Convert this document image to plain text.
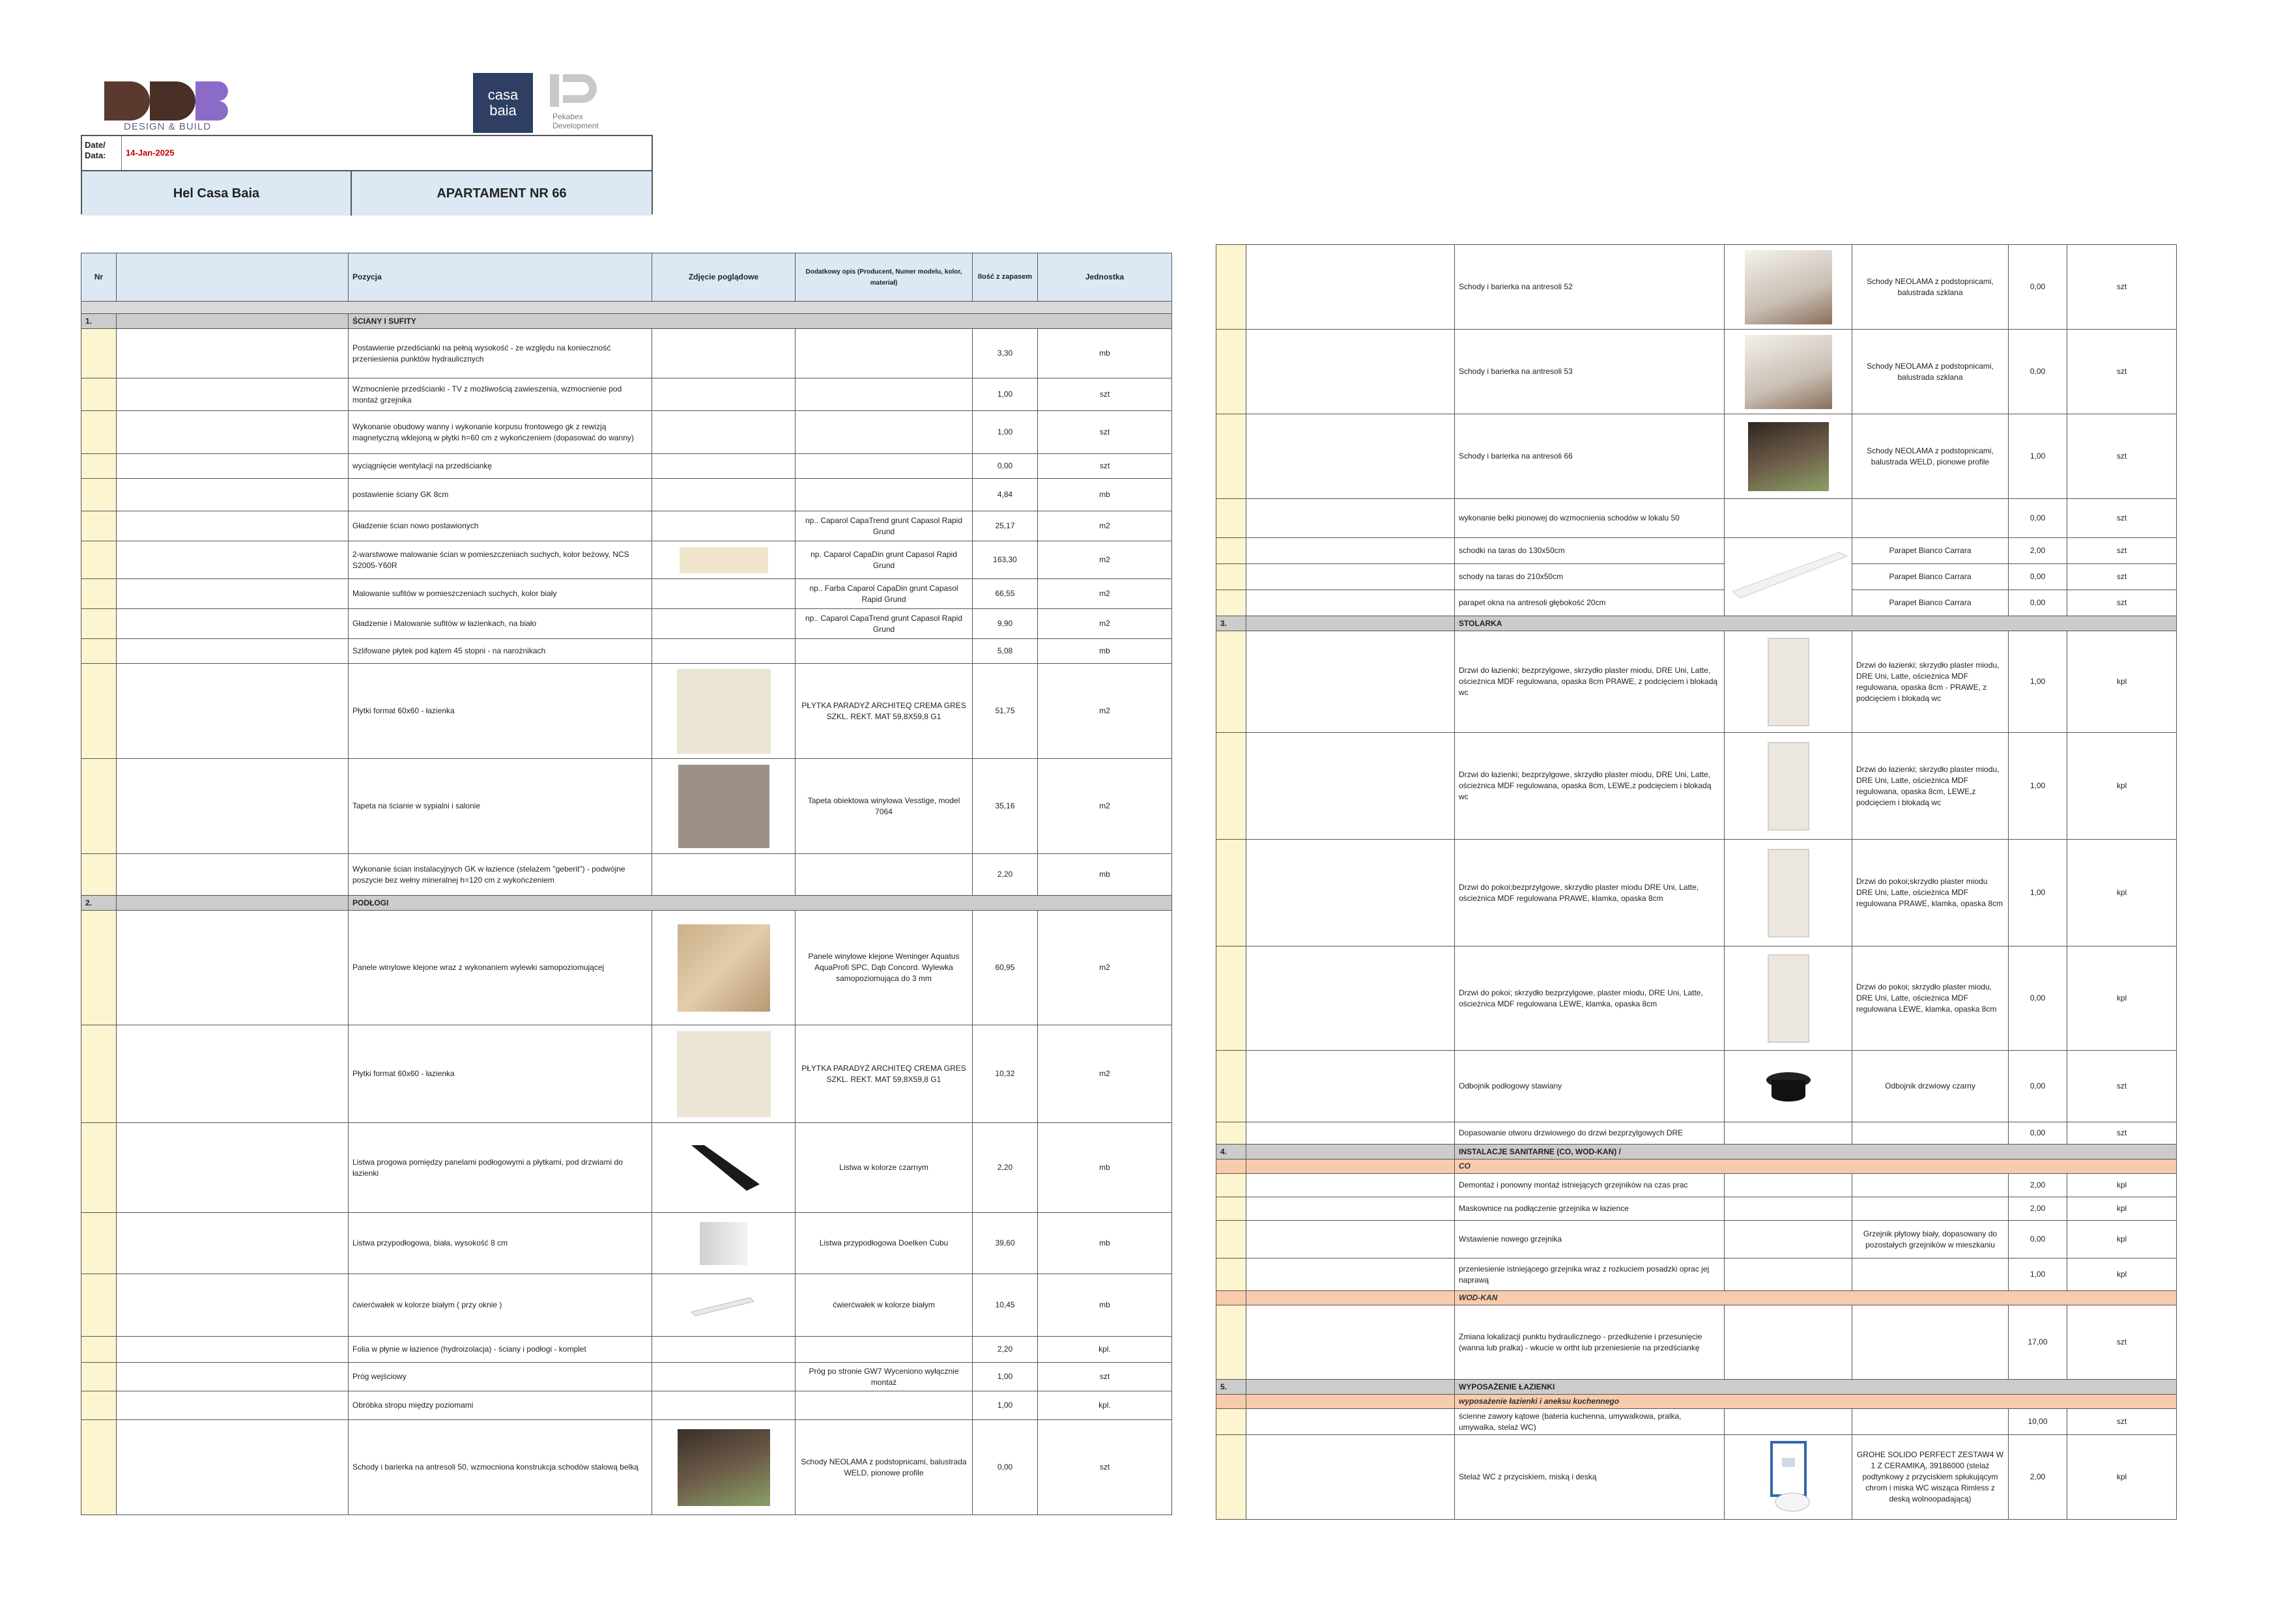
DESIGN & BUILD
casa baia	Pekabex
Development
Date/ Data:	14-Jan-2025
Hel Casa Baia	APARTAMENT NR 66
Nr		Pozycja	Zdjęcie poglądowe	Dodatkowy opis (Producent, Numer modelu, kolor, materiał)	Ilość z zapasem	Jednostka

1.		ŚCIANY I SUFITY				
		Postawienie przedścianki na pełną wysokość - ze względu na konieczność przeniesienia punktów hydraulicznych			3,30	mb
		Wzmocnienie przedścianki - TV z możliwością zawieszenia, wzmocnienie pod montaż grzejnika			1,00	szt
		Wykonanie obudowy wanny i wykonanie korpusu frontowego gk z rewizją magnetyczną wklejoną w płytki h=60 cm z wykończeniem (dopasować do wanny)			1,00	szt
		wyciągnięcie wentylacji na przedściankę			0,00	szt
		postawienie ściany GK 8cm			4,84	mb
		Gładzenie ścian nowo postawionych		np.. Caparol CapaTrend grunt Capasol Rapid Grund	25,17	m2
		2-warstwowe malowanie ścian w pomieszczeniach suchych, kolor beżowy, NCS S2005-Y60R		np. Caparol CapaDin grunt Capasol Rapid Grund	163,30	m2
		Malowanie sufitów w pomieszczeniach suchych, kolor biały		np.. Farba Caparol CapaDin grunt Capasol Rapid Grund	66,55	m2
		Gładzenie i Malowanie sufitów w łazienkach, na biało		np.. Caparol CapaTrend grunt Capasol Rapid Grund	9,90	m2
		Szlifowane płytek pod kątem 45 stopni - na narożnikach			5,08	mb
		Płytki format 60x60 - łazienka		PŁYTKA PARADYŻ ARCHITEQ CREMA GRES SZKL. REKT. MAT 59,8X59,8 G1	51,75	m2
		Tapeta na ścianie w sypialni i salonie		Tapeta obiektowa winylowa Vesstige, model 7064	35,16	m2
		Wykonanie ścian instalacyjnych GK w łazience (stelażem "geberit") - podwójne poszycie bez wełny mineralnej h=120 cm z wykończeniem			2,20	mb
2.		PODŁOGI				
		Panele winylowe klejone wraz z wykonaniem wylewki samopoziomującej		Panele winylowe klejone Weninger Aquatus AquaProfi SPC, Dąb Concord. Wylewka samopoziomująca do 3 mm	60,95	m2
		Płytki format 60x60 - łazienka		PŁYTKA PARADYŻ ARCHITEQ CREMA GRES SZKL. REKT. MAT 59,8X59,8 G1	10,32	m2
		Listwa progowa pomiędzy panelami podłogowymi a płytkami, pod drzwiami do łazienki		Listwa w kolorze czarnym	2,20	mb
		Listwa przypodłogowa, biała, wysokość 8 cm		Listwa przypodłogowa Doelken Cubu	39,60	mb
		ćwierćwałek w kolorze białym ( przy oknie )		ćwierćwałek w kolorze białym	10,45	mb
		Folia w płynie w łazience (hydroizolacja) - ściany i podłogi - komplet			2,20	kpl.
		Próg wejściowy		Próg po stronie GW7 Wyceniono wyłącznie montaż	1,00	szt
		Obróbka stropu między poziomami			1,00	kpl.
		Schody i barierka na antresoli 50, wzmocniona konstrukcja schodów stalową belką		Schody NEOLAMA z podstopnicami, balustrada WELD, pionowe profile	0,00	szt
		Schody i barierka na antresoli 52		Schody NEOLAMA z podstopnicami, balustrada szklana	0,00	szt
		Schody i barierka na antresoli 53		Schody NEOLAMA z podstopnicami, balustrada szklana	0,00	szt
		Schody i barierka na antresoli 66		Schody NEOLAMA z podstopnicami, balustrada WELD, pionowe profile	1,00	szt
		wykonanie belki pionowej do wzmocnienia schodów w lokalu 50			0,00	szt
		schodki na taras do 130x50cm		Parapet Bianco Carrara	2,00	szt
		schody na taras do 210x50cm		Parapet Bianco Carrara	0,00	szt
		parapet okna na antresoli głębokość 20cm		Parapet Bianco Carrara	0,00	szt
3.		STOLARKA				
		Drzwi do łazienki; bezprzylgowe, skrzydło plaster miodu, DRE Uni, Latte, ościeżnica MDF regulowana, opaska 8cm PRAWE, z podcięciem i blokadą wc		Drzwi do łazienki; skrzydło plaster miodu, DRE Uni, Latte, ościeżnica MDF regulowana, opaska 8cm - PRAWE, z podcięciem i blokadą wc	1,00	kpl
		Drzwi do łazienki; bezprzylgowe, skrzydło plaster miodu, DRE Uni, Latte, ościeżnica MDF regulowana, opaska 8cm, LEWE,z podcięciem i blokadą wc		Drzwi do łazienki; skrzydło plaster miodu, DRE Uni, Latte, ościeżnica MDF regulowana, opaska 8cm, LEWE,z podcięciem i blokadą wc	1,00	kpl
		Drzwi do pokoi;bezprzylgowe, skrzydło plaster miodu DRE Uni, Latte, ościeżnica MDF regulowana PRAWE, klamka, opaska 8cm		Drzwi do pokoi;skrzydło plaster miodu DRE Uni, Latte, ościeżnica MDF regulowana PRAWE, klamka, opaska 8cm	1,00	kpl
		Drzwi do pokoi; skrzydło bezprzylgowe, plaster miodu, DRE Uni, Latte, ościeżnica MDF regulowana LEWE, klamka, opaska 8cm		Drzwi do pokoi; skrzydło plaster miodu, DRE Uni, Latte, ościeżnica MDF regulowana LEWE, klamka, opaska 8cm	0,00	kpl
		Odbojnik podłogowy stawiany		Odbojnik drzwiowy czarny	0,00	szt
		Dopasowanie otworu drzwiowego do drzwi bezprzylgowych DRE			0,00	szt
4.		INSTALACJE SANITARNE (CO, WOD-KAN) /				
		CO				
		Demontaż i ponowny montaż istniejących grzejników na czas prac			2,00	kpl
		Maskownice na podłączenie grzejnika w łazience			2,00	kpl
		Wstawienie nowego grzejnika		Grzejnik płytowy biały, dopasowany do pozostałych grzejników w mieszkaniu	0,00	kpl
		przeniesienie istniejącego grzejnika wraz z rozkuciem posadzki oprac jej naprawą			1,00	kpl
		WOD-KAN				
		Zmiana lokalizacji punktu hydraulicznego - przedłużenie i przesunięcie (wanna lub pralka) - wkucie w ortht lub przeniesienie na przedściankę			17,00	szt
5.		WYPOSAŻENIE ŁAZIENKI				
		wyposażenie łazienki i aneksu kuchennego				
		ścienne zawory kątowe (bateria kuchenna, umywalkowa, pralka, umywalka, stelaż WC)			10,00	szt
		Stelaż WC z przyciskiem, miską i deską		GROHE SOLIDO PERFECT ZESTAW4 W 1 Z CERAMIKĄ, 39186000 (stelaż podtynkowy z przyciskiem spłukującym chrom i miska WC wisząca Rimless z deską wolnoopadającą)	2,00	kpl
